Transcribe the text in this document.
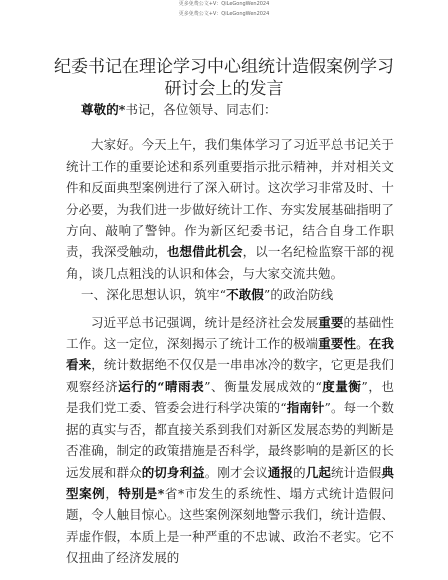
更多免费公文+V：QiLeGongWen2024
更多免费公文+V：QiLeGongWen2024
纪委书记在理论学习中心组统计造假案例学习
研讨会上的发言

尊敬的*书记，各位领导、同志们：

大家好。今天上午，我们集体学习了习近平总书记关于统计工作的重要论述和系列重要指示批示精神，并对相关文件和反面典型案例进行了深入研讨。这次学习非常及时、十分必要，为我们进一步做好统计工作、夯实发展基础指明了方向、敲响了警钟。作为新区纪委书记，结合自身工作职责，我深受触动，也想借此机会，以一名纪检监察干部的视角，谈几点粗浅的认识和体会，与大家交流共勉。

一、深化思想认识，筑牢“不敢假”的政治防线

习近平总书记强调，统计是经济社会发展重要的基础性工作。这一定位，深刻揭示了统计工作的极端重要性。在我看来，统计数据绝不仅仅是一串串冰冷的数字，它更是我们观察经济运行的“晴雨表”、衡量发展成效的“度量衡”，也是我们党工委、管委会进行科学决策的“指南针”。每一个数据的真实与否，都直接关系到我们对新区发展态势的判断是否准确，制定的政策措施是否科学，最终影响的是新区的长远发展和群众的切身利益。刚才会议通报的几起统计造假典型案例，特别是*省*市发生的系统性、塌方式统计造假问题，令人触目惊心。这些案例深刻地警示我们，统计造假、弄虚作假，本质上是一种严重的不忠诚、政治不老实。它不仅扭曲了经济发展的
